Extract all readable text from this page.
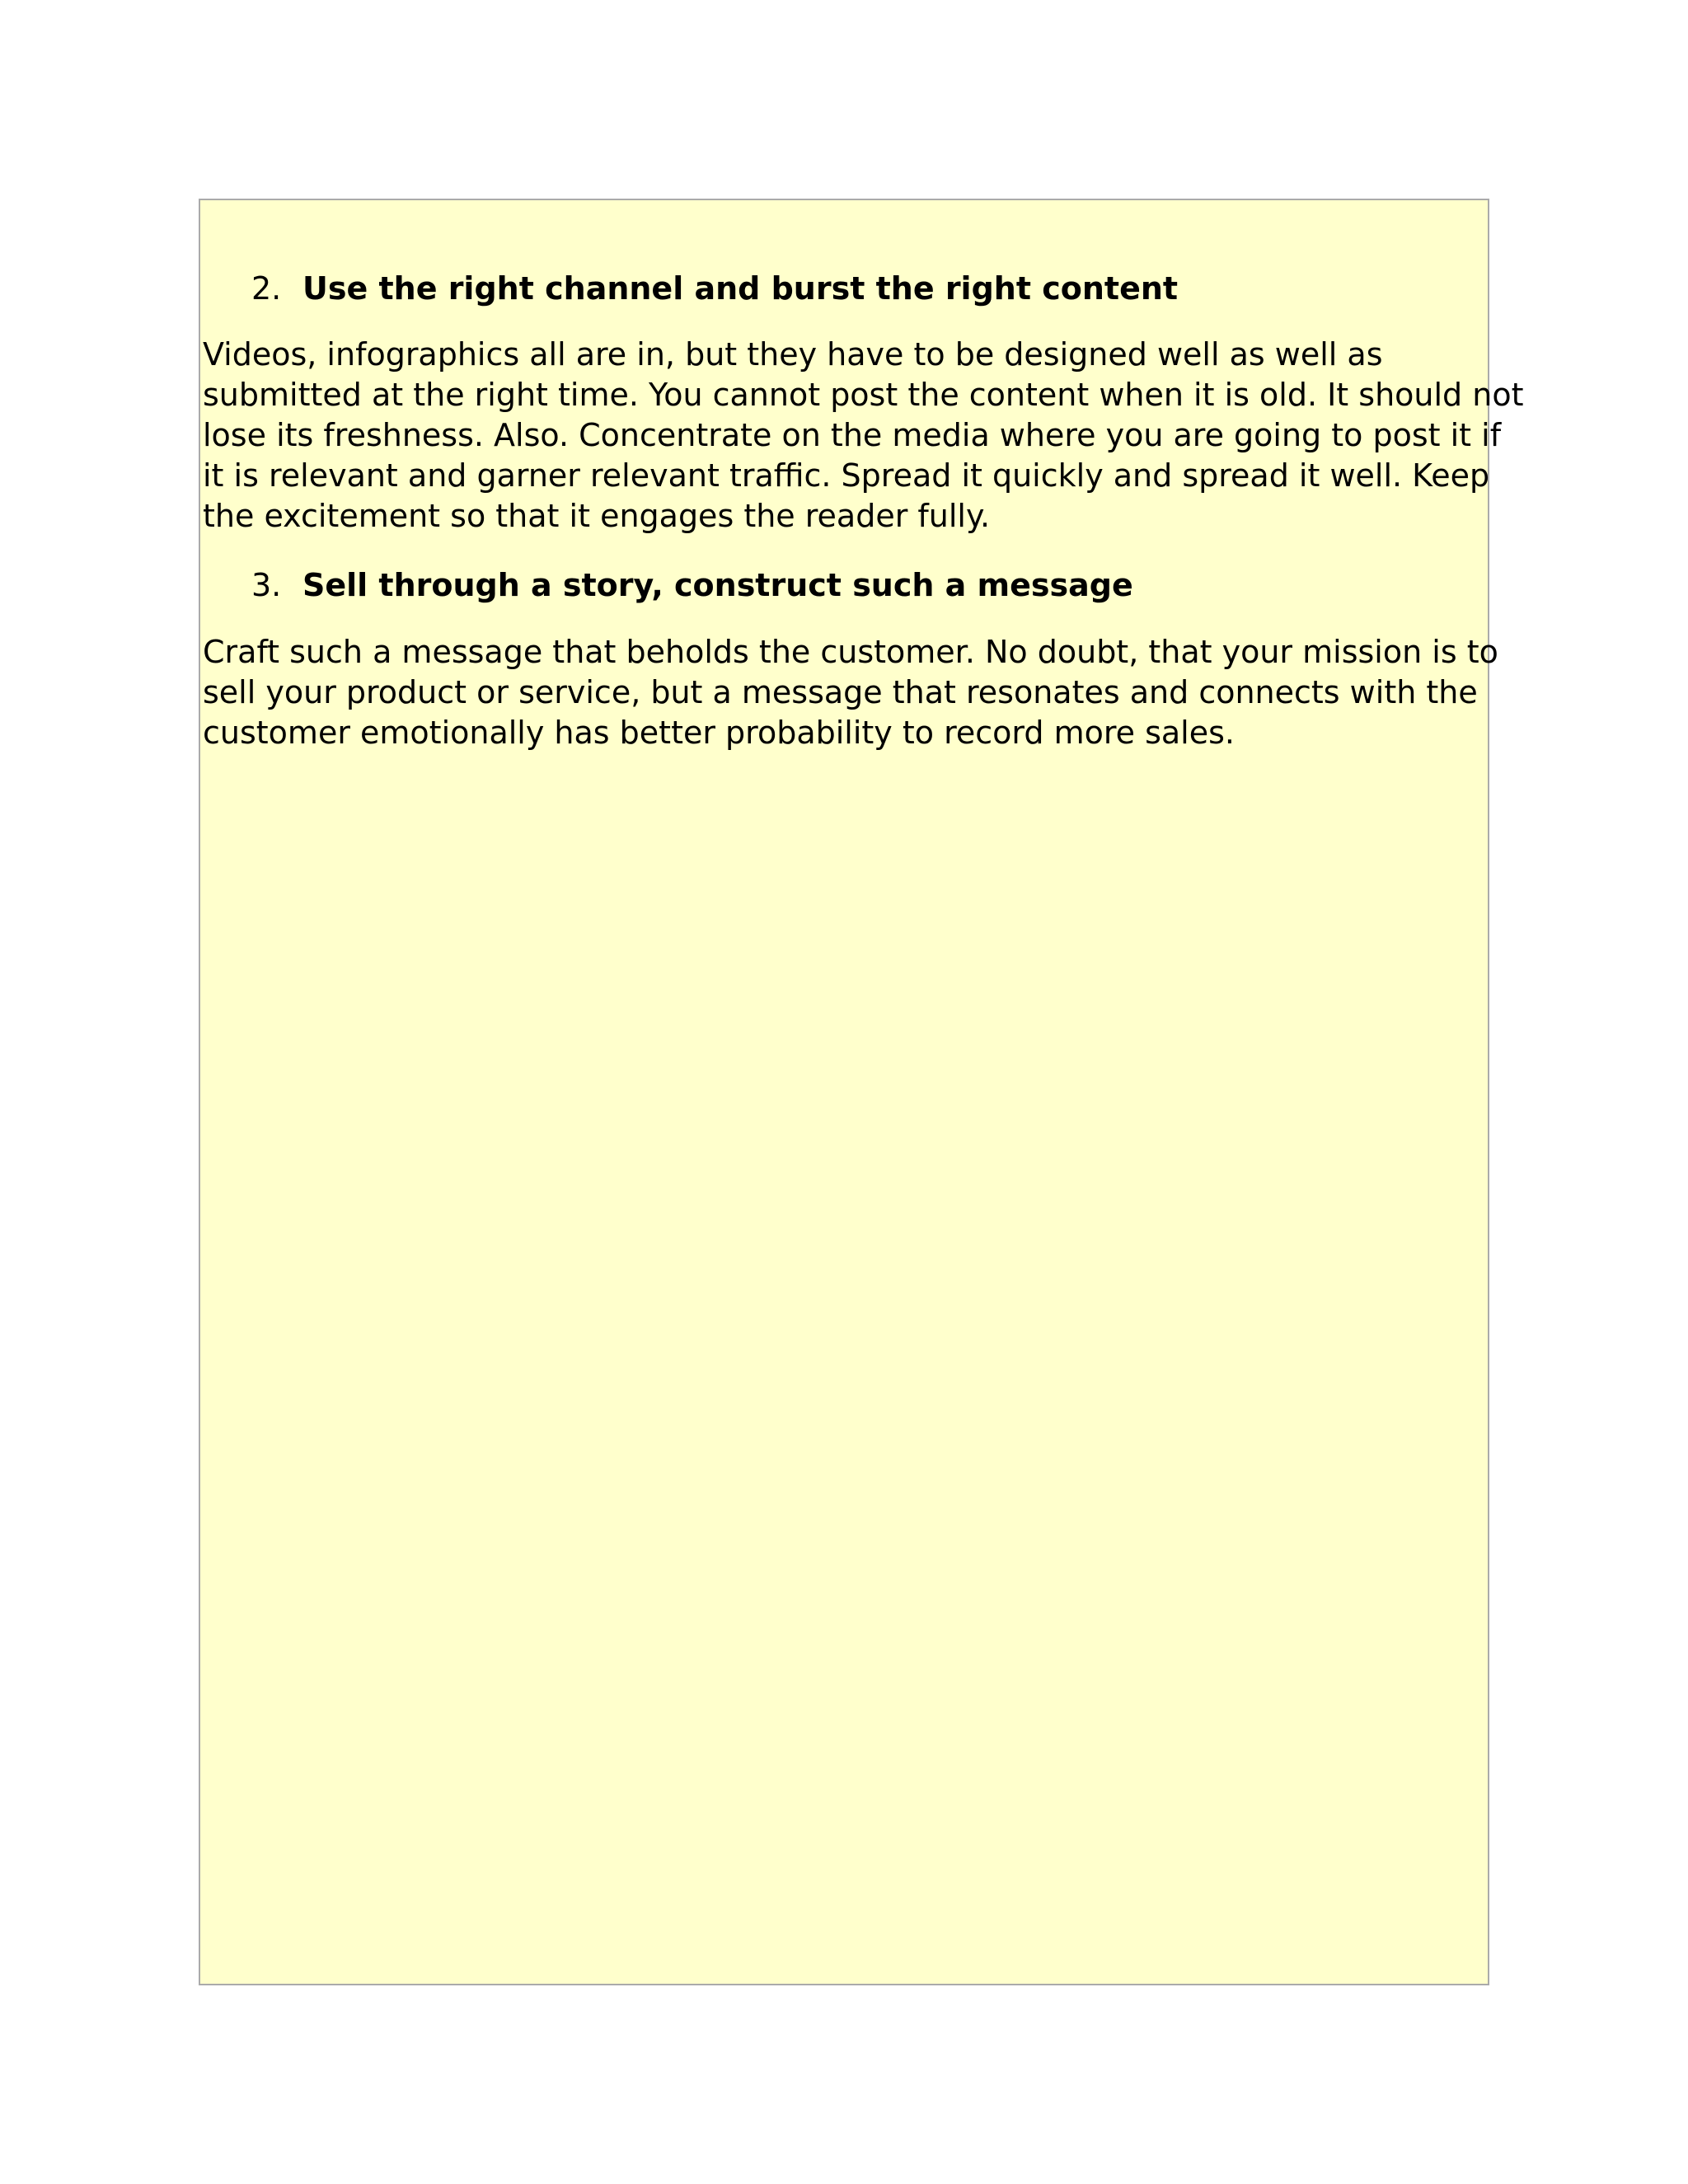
2. Use the right channel and burst the right content
Videos, infographics all are in, but they have to be designed well as well as
submitted at the right time. You cannot post the content when it is old. It should not
lose its freshness. Also. Concentrate on the media where you are going to post it if
it is relevant and garner relevant traffic. Spread it quickly and spread it well. Keep
the excitement so that it engages the reader fully.
3. Sell through a story, construct such a message
Craft such a message that beholds the customer. No doubt, that your mission is to
sell your product or service, but a message that resonates and connects with the
customer emotionally has better probability to record more sales.
